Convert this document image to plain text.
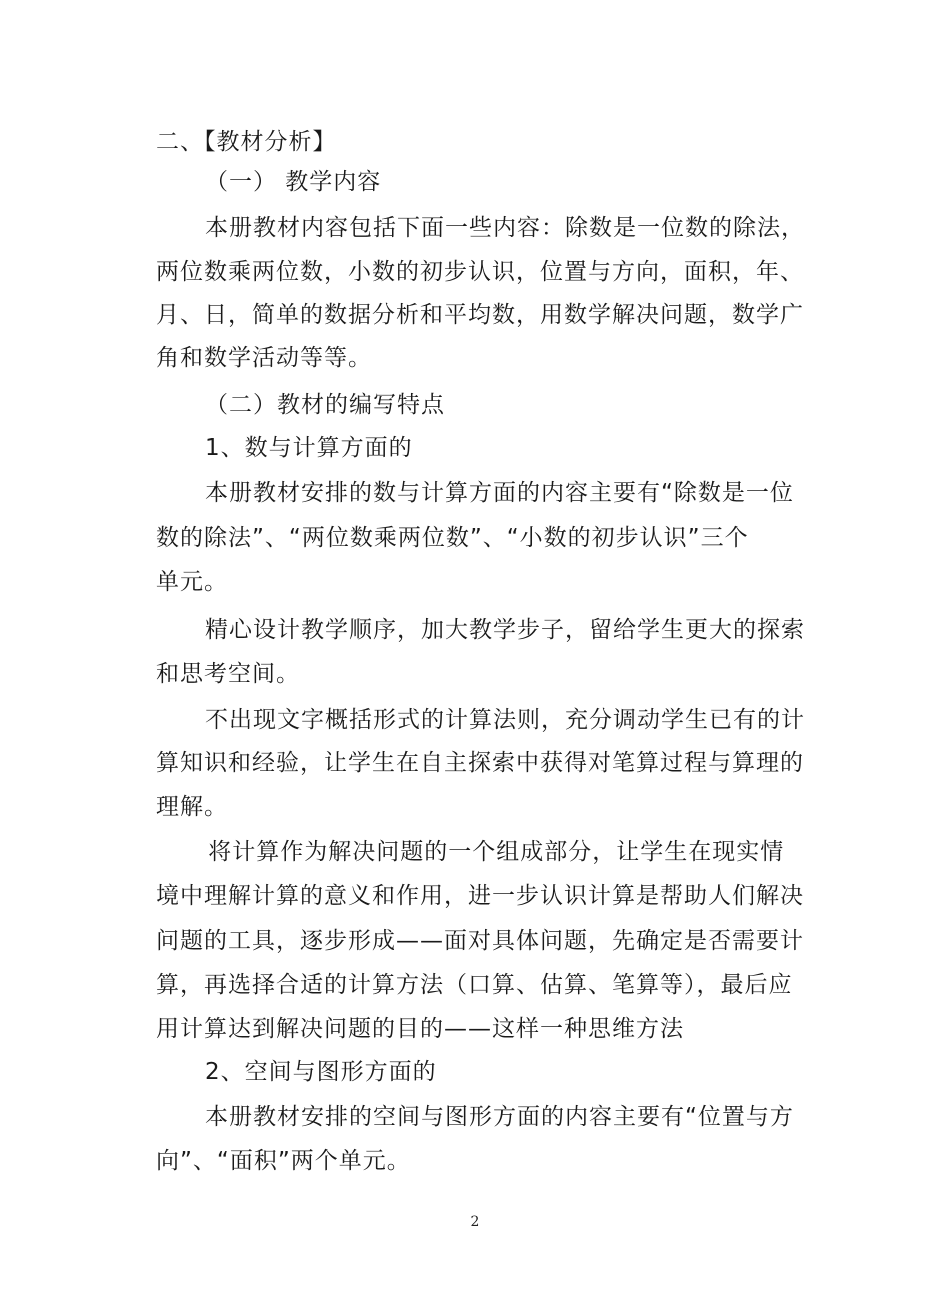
二、【教材分析】
（一） 教学内容
本册教材内容包括下面一些内容：除数是一位数的除法，
两位数乘两位数，小数的初步认识，位置与方向，面积，年、
月、日，简单的数据分析和平均数，用数学解决问题，数学广
角和数学活动等等。
（二）教材的编写特点
1、数与计算方面的
本册教材安排的数与计算方面的内容主要有“除数是一位
数的除法”、“两位数乘两位数”、“小数的初步认识”三个
单元。
精心设计教学顺序，加大教学步子，留给学生更大的探索
和思考空间。
不出现文字概括形式的计算法则，充分调动学生已有的计
算知识和经验，让学生在自主探索中获得对笔算过程与算理的
理解。
将计算作为解决问题的一个组成部分，让学生在现实情
境中理解计算的意义和作用，进一步认识计算是帮助人们解决
问题的工具，逐步形成——面对具体问题，先确定是否需要计
算，再选择合适的计算方法（口算、估算、笔算等），最后应
用计算达到解决问题的目的——这样一种思维方法
2、空间与图形方面的
本册教材安排的空间与图形方面的内容主要有“位置与方
向”、“面积”两个单元。
2
